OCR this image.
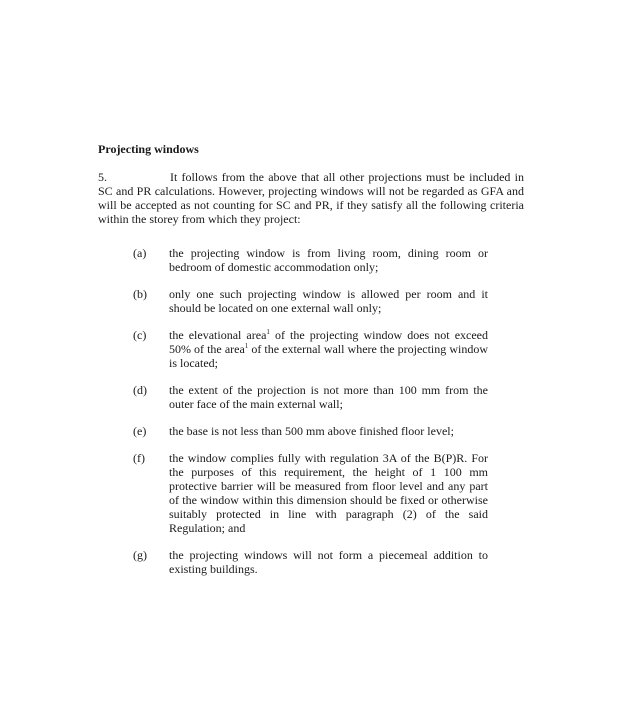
Projecting windows
5.	It follows from the above that all other projections must be included in SC and PR calculations. However, projecting windows will not be regarded as GFA and will be accepted as not counting for SC and PR, if they satisfy all the following criteria within the storey from which they project:
(a) the projecting window is from living room, dining room or bedroom of domestic accommodation only;
(b) only one such projecting window is allowed per room and it should be located on one external wall only;
(c) the elevational area$^1$ of the projecting window does not exceed 50% of the area$^1$ of the external wall where the projecting window is located;
(d) the extent of the projection is not more than 100 mm from the outer face of the main external wall;
(e) the base is not less than 500 mm above finished floor level;
(f) the window complies fully with regulation 3A of the B(P)R. For the purposes of this requirement, the height of 1 100 mm protective barrier will be measured from floor level and any part of the window within this dimension should be fixed or otherwise suitably protected in line with paragraph (2) of the said Regulation; and
(g) the projecting windows will not form a piecemeal addition to existing buildings.
